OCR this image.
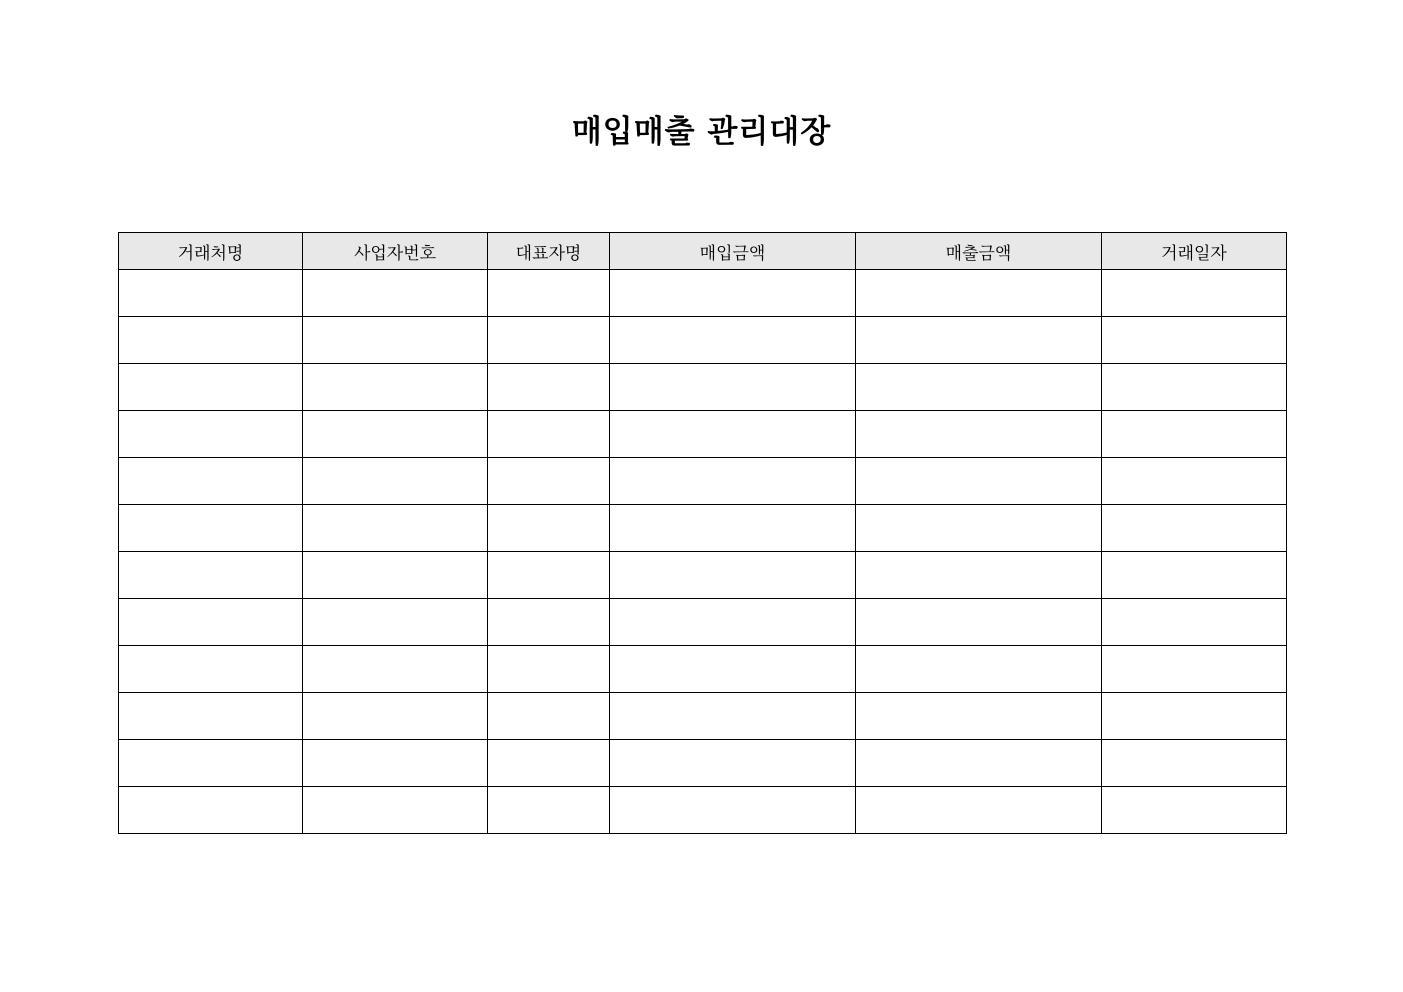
매입매출 관리대장
거래처명	사업자번호	대표자명	매입금액	매출금액	거래일자
